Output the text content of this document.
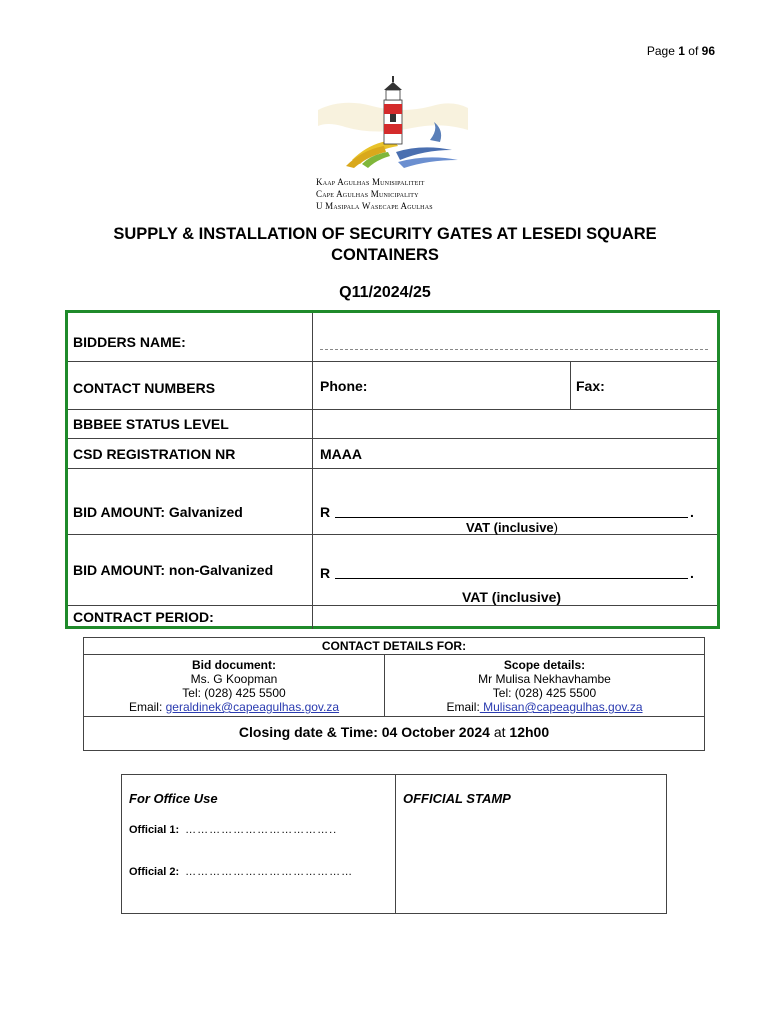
Page 1 of 96
Kaap Agulhas Munisipaliteit
Cape Agulhas Municipality
U Masipala Wasecape Agulhas
SUPPLY & INSTALLATION OF SECURITY GATES AT LESEDI SQUARE CONTAINERS
Q11/2024/25
BIDDERS NAME:
CONTACT NUMBERS	Phone:	Fax:
BBBEE STATUS LEVEL
CSD REGISTRATION NR	MAAA
BID AMOUNT: Galvanized	R	.
VAT (inclusive)
BID AMOUNT: non-Galvanized	R	.
VAT (inclusive)
CONTRACT PERIOD:
CONTACT DETAILS FOR:
Bid document:
Ms. G Koopman
Tel: (028) 425 5500
Email: geraldinek@capeagulhas.gov.za
Scope details:
Mr Mulisa Nekhavhambe
Tel: (028) 425 5500
Email: Mulisan@capeagulhas.gov.za
Closing date & Time: 04 October 2024 at 12h00
For Office Use	OFFICIAL STAMP
Official 1: ………………………………..
Official 2: ……………………………………
